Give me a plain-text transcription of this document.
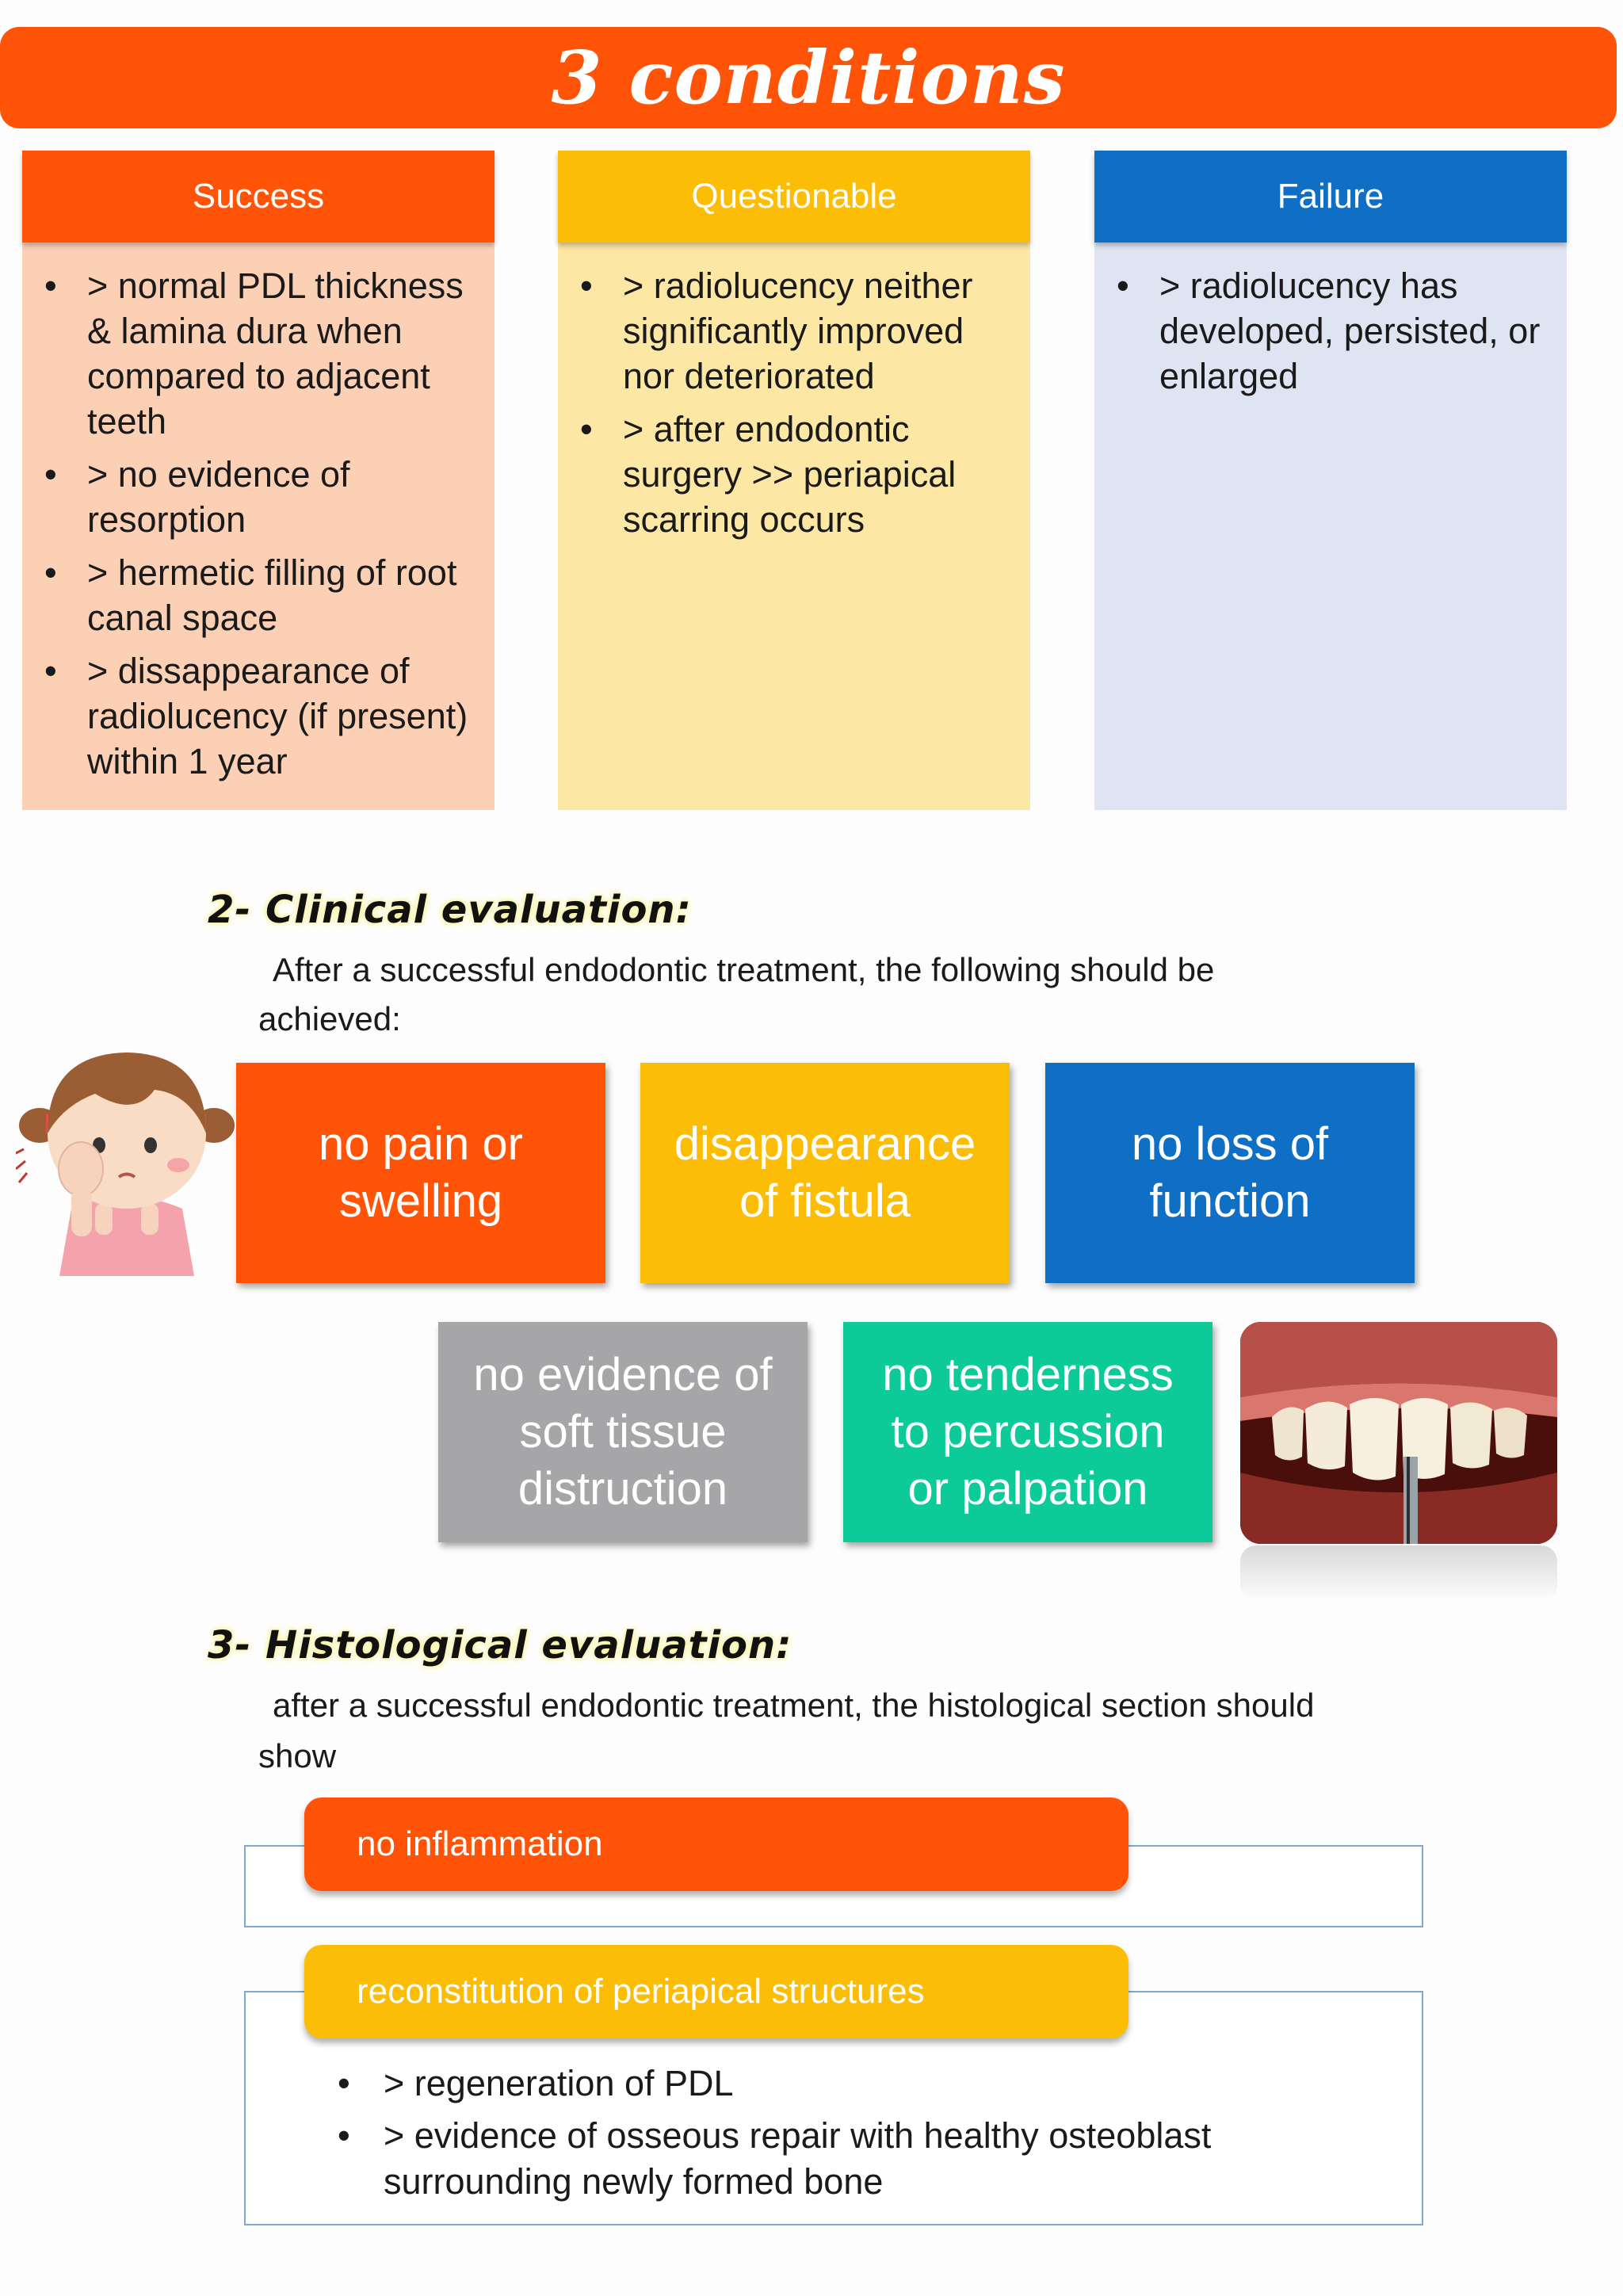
3 conditions
Success
• > normal PDL thickness & lamina dura when compared to adjacent teeth
• > no evidence of resorption
• > hermetic filling of root canal space
• > dissappearance of radiolucency (if present) within 1 year
Questionable
• > radiolucency neither significantly improved nor deteriorated
• > after endodontic surgery >> periapical scarring occurs
Failure
• > radiolucency has developed, persisted, or enlarged
2- Clinical evaluation:
After a successful endodontic treatment, the following should be
achieved:
no pain or swelling
disappearance of fistula
no loss of function
no evidence of soft tissue distruction
no tenderness to percussion or palpation
3- Histological evaluation:
after a successful endodontic treatment, the histological section should
show
no inflammation
• > regeneration of PDL
• > evidence of osseous repair with healthy osteoblast surrounding newly formed bone
reconstitution of periapical structures
